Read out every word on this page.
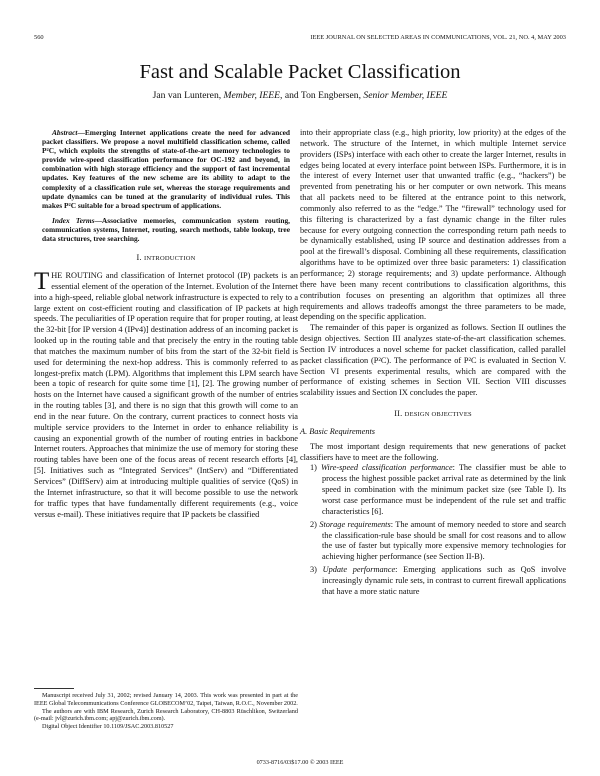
560	IEEE JOURNAL ON SELECTED AREAS IN COMMUNICATIONS, VOL. 21, NO. 4, MAY 2003
Fast and Scalable Packet Classification
Jan van Lunteren, Member, IEEE, and Ton Engbersen, Senior Member, IEEE

Abstract—Emerging Internet applications create the need for advanced packet classifiers. We propose a novel multifield classification scheme, called P²C, which exploits the strengths of state-of-the-art memory technologies to provide wire-speed classification performance for OC-192 and beyond, in combination with high storage efficiency and the support of fast incremental updates. Key features of the new scheme are its ability to adapt to the complexity of a classification rule set, whereas the storage requirements and update dynamics can be tuned at the granularity of individual rules. This makes P²C suitable for a broad spectrum of applications.

Index Terms—Associative memories, communication system routing, communication systems, Internet, routing, search methods, table lookup, tree data structures, tree searching.

I. INTRODUCTION

THE ROUTING and classification of Internet protocol (IP) packets is an essential element of the operation of the Internet. Evolution of the Internet into a high-speed, reliable global network infrastructure is expected to rely to a large extent on cost-efficient routing and classification of IP packets at high speeds. The peculiarities of IP operation require that for proper routing, at least the 32-bit [for IP version 4 (IPv4)] destination address of an incoming packet is looked up in the routing table and that precisely the entry in the routing table that matches the maximum number of bits from the start of the 32-bit field is used for determining the next-hop address. This is commonly referred to as longest-prefix match (LPM). Algorithms that implement this LPM search have been a topic of research for quite some time [1], [2]. The growing number of hosts on the Internet have caused a significant growth of the number of entries in the routing tables [3], and there is no sign that this growth will come to an end in the near future. On the contrary, current practices to connect hosts via multiple service providers to the Internet in order to enhance reliability is causing an exponential growth of the number of routing entries in backbone Internet routers. Approaches that minimize the use of memory for storing these routing tables have been one of the focus areas of recent research efforts [4], [5]. Initiatives such as “Integrated Services” (IntServ) and “Differentiated Services” (DiffServ) aim at introducing multiple qualities of service (QoS) in the Internet infrastructure, so that it will become possible to use the network for traffic types that have fundamentally different requirements (e.g., voice versus e-mail). These initiatives require that IP packets be classified

into their appropriate class (e.g., high priority, low priority) at the edges of the network. The structure of the Internet, in which multiple Internet service providers (ISPs) interface with each other to create the larger Internet, results in edges being located at every interface point between ISPs. Furthermore, it is in the interest of every Internet user that unwanted traffic (e.g., “hackers”) be prevented from penetrating his or her computer or own network. This means that all packets need to be filtered at the entrance point to this network, commonly also referred to as the “edge.” The “firewall” technology used for this filtering is characterized by a fast dynamic change in the filter rules because for every outgoing connection the corresponding return path needs to be dynamically established, using IP source and destination addresses from a pool at the firewall’s disposal. Combining all these requirements, classification algorithms have to be optimized over three basic parameters: 1) classification performance; 2) storage requirements; and 3) update performance. Although there have been many recent contributions to classification algorithms, this contribution focuses on presenting an algorithm that optimizes all three requirements and allows tradeoffs amongst the three parameters to be made, depending on the specific application.

The remainder of this paper is organized as follows. Section II outlines the design objectives. Section III analyzes state-of-the-art classification schemes. Section IV introduces a novel scheme for packet classification, called parallel packet classification (P²C). The performance of P²C is evaluated in Section V. Section VI presents experimental results, which are compared with the performance of existing schemes in Section VII. Section VIII discusses scalability issues and Section IX concludes the paper.

II. DESIGN OBJECTIVES
A. Basic Requirements

The most important design requirements that new generations of packet classifiers have to meet are the following.

1) Wire-speed classification performance: The classifier must be able to process the highest possible packet arrival rate as determined by the link speed in combination with the minimum packet size (see Table I). Its worst case performance must be independent of the rule set and traffic characteristics [6].
2) Storage requirements: The amount of memory needed to store and search the classification-rule base should be small for cost reasons and to allow the use of faster but typically more expensive memory technologies for achieving higher performance (see Section II-B).
3) Update performance: Emerging applications such as QoS involve increasingly dynamic rule sets, in contrast to current firewall applications that have a more static nature

Manuscript received July 31, 2002; revised January 14, 2003. This work was presented in part at the IEEE Global Telecommunications Conference GLOBECOM’02, Taipei, Taiwan, R.O.C., November 2002.

The authors are with IBM Research, Zurich Research Laboratory, CH-8803 Rüschlikon, Switzerland (e-mail: jvl@zurich.ibm.com; apj@zurich.ibm.com).

Digital Object Identifier 10.1109/JSAC.2003.810527

0733-8716/03$17.00 © 2003 IEEE
